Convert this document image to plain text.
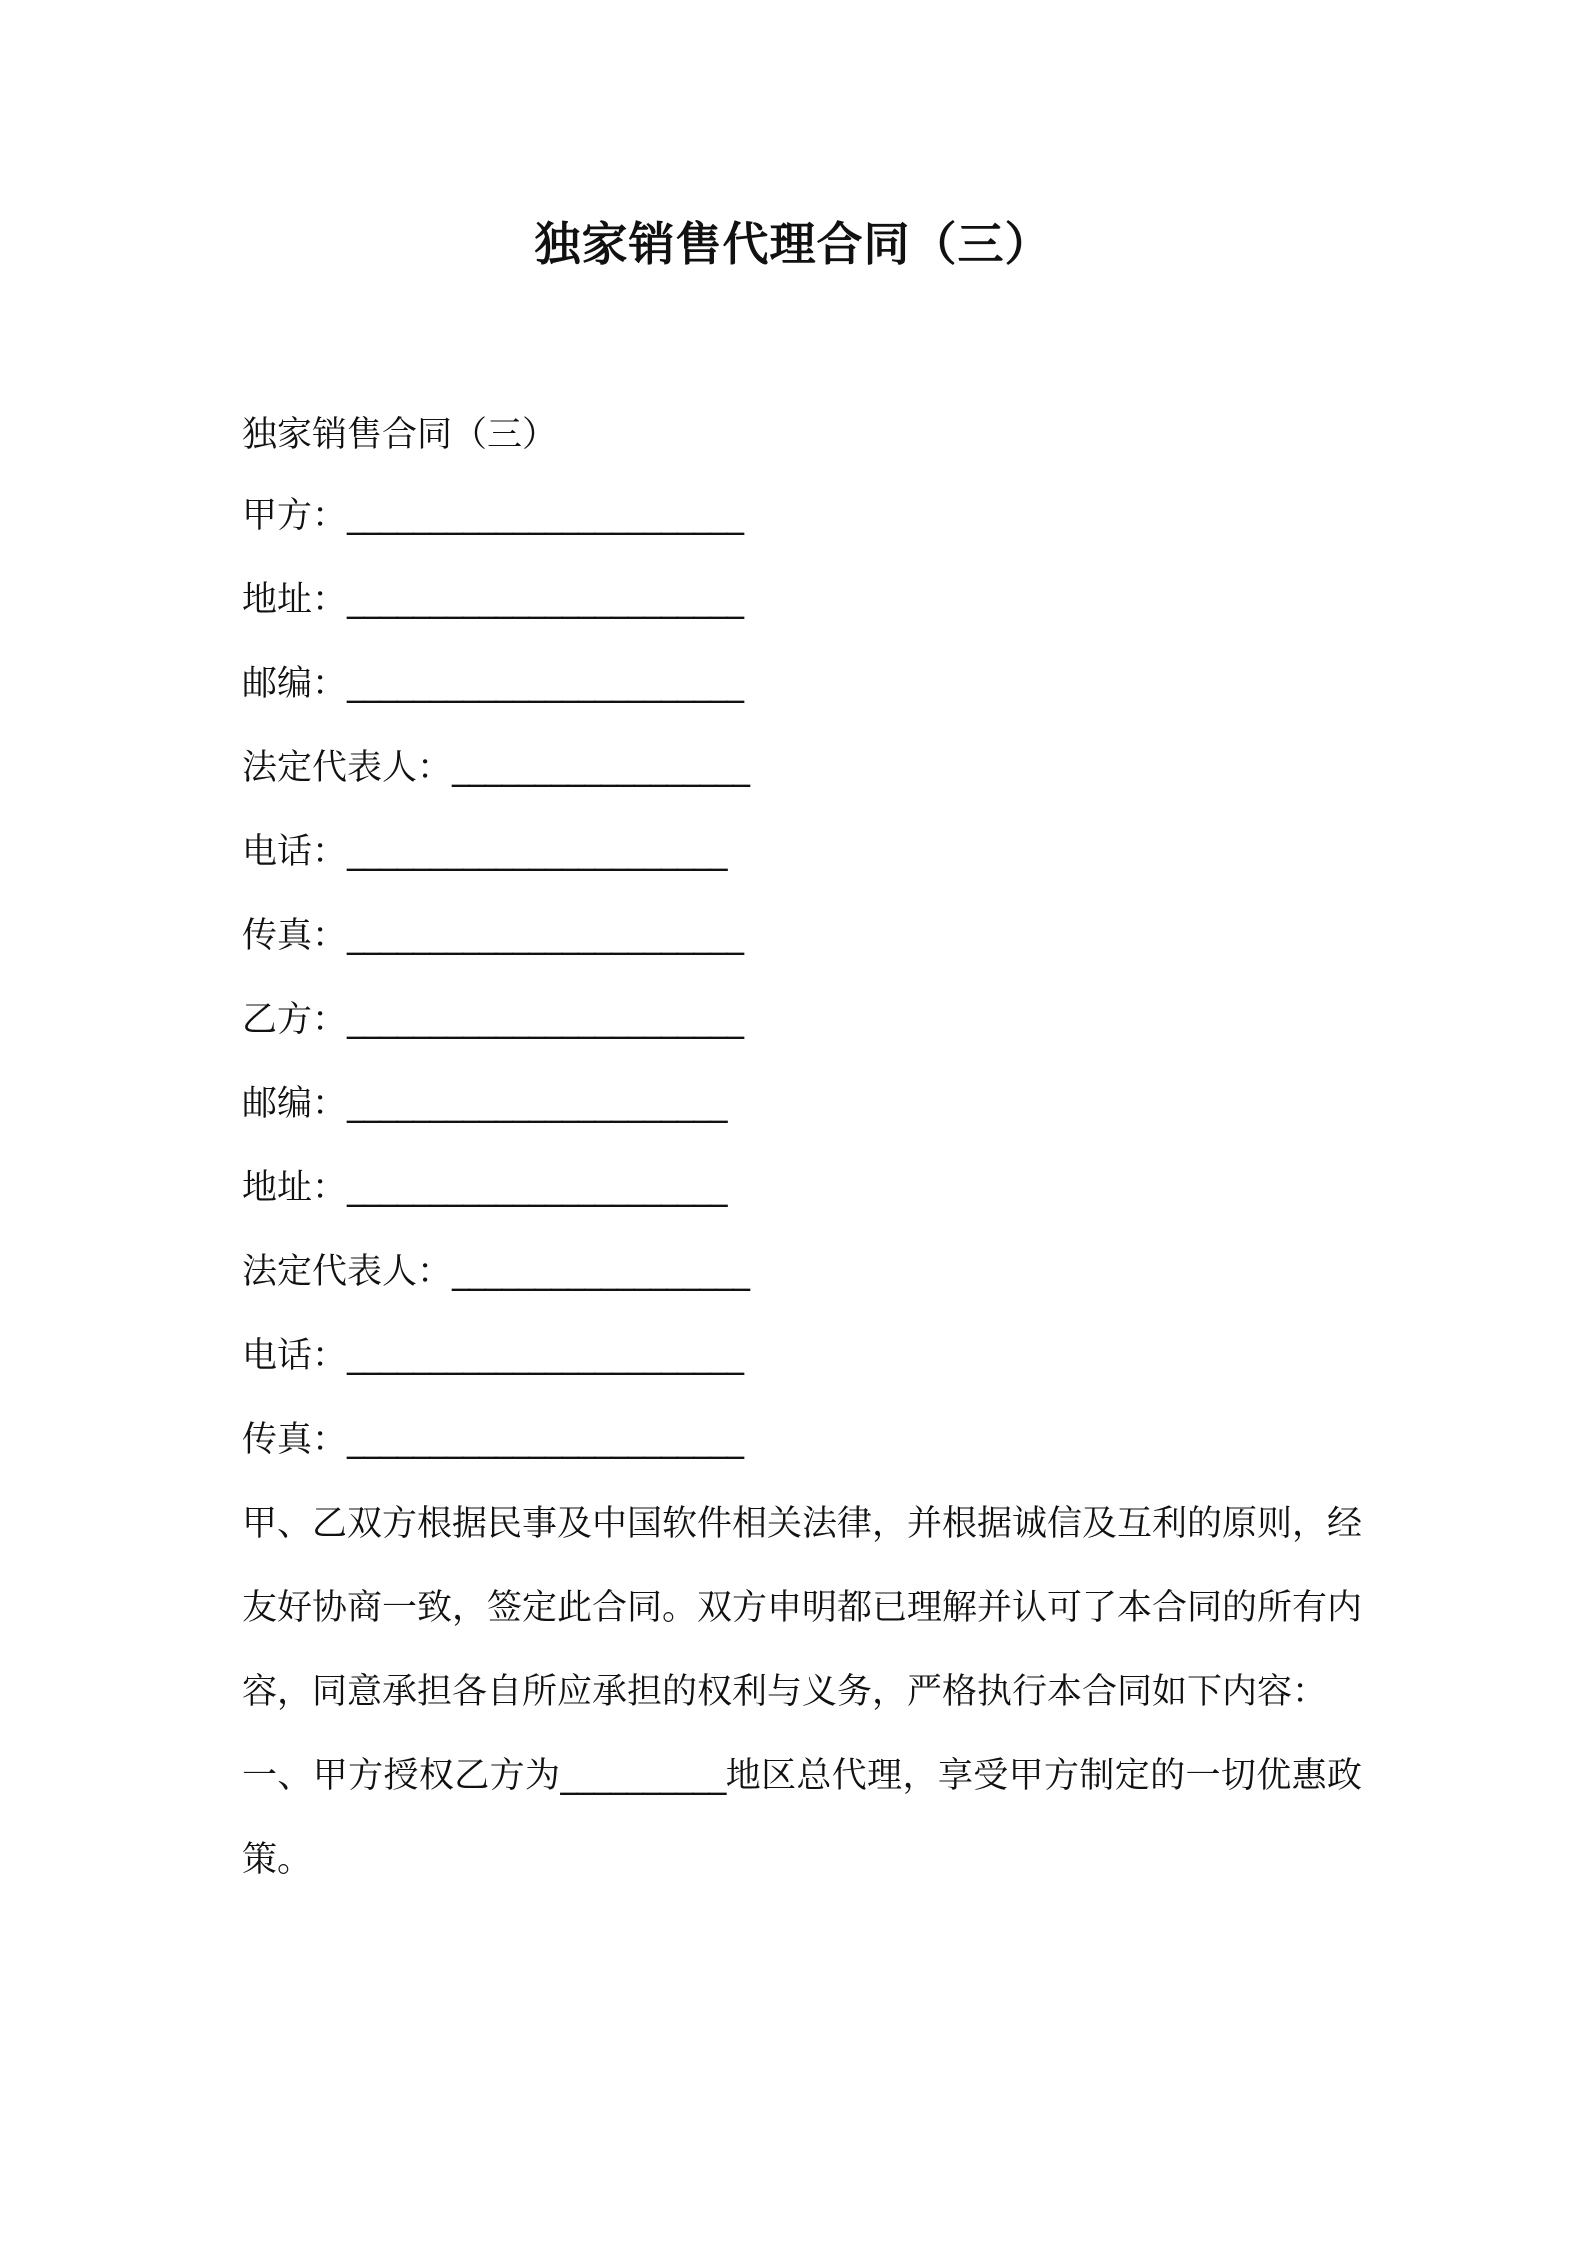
独家销售代理合同（三）
独家销售合同（三）
甲方：________________________
地址：________________________
邮编：________________________
法定代表人：__________________
电话：_______________________
传真：________________________
乙方：________________________
邮编：_______________________
地址：_______________________
法定代表人：__________________
电话：________________________
传真：________________________
甲、乙双方根据民事及中国软件相关法律，并根据诚信及互利的原则，经友好协商一致，签定此合同。双方申明都已理解并认可了本合同的所有内容，同意承担各自所应承担的权利与义务，严格执行本合同如下内容：
一、甲方授权乙方为__________地区总代理，享受甲方制定的一切优惠政策。
